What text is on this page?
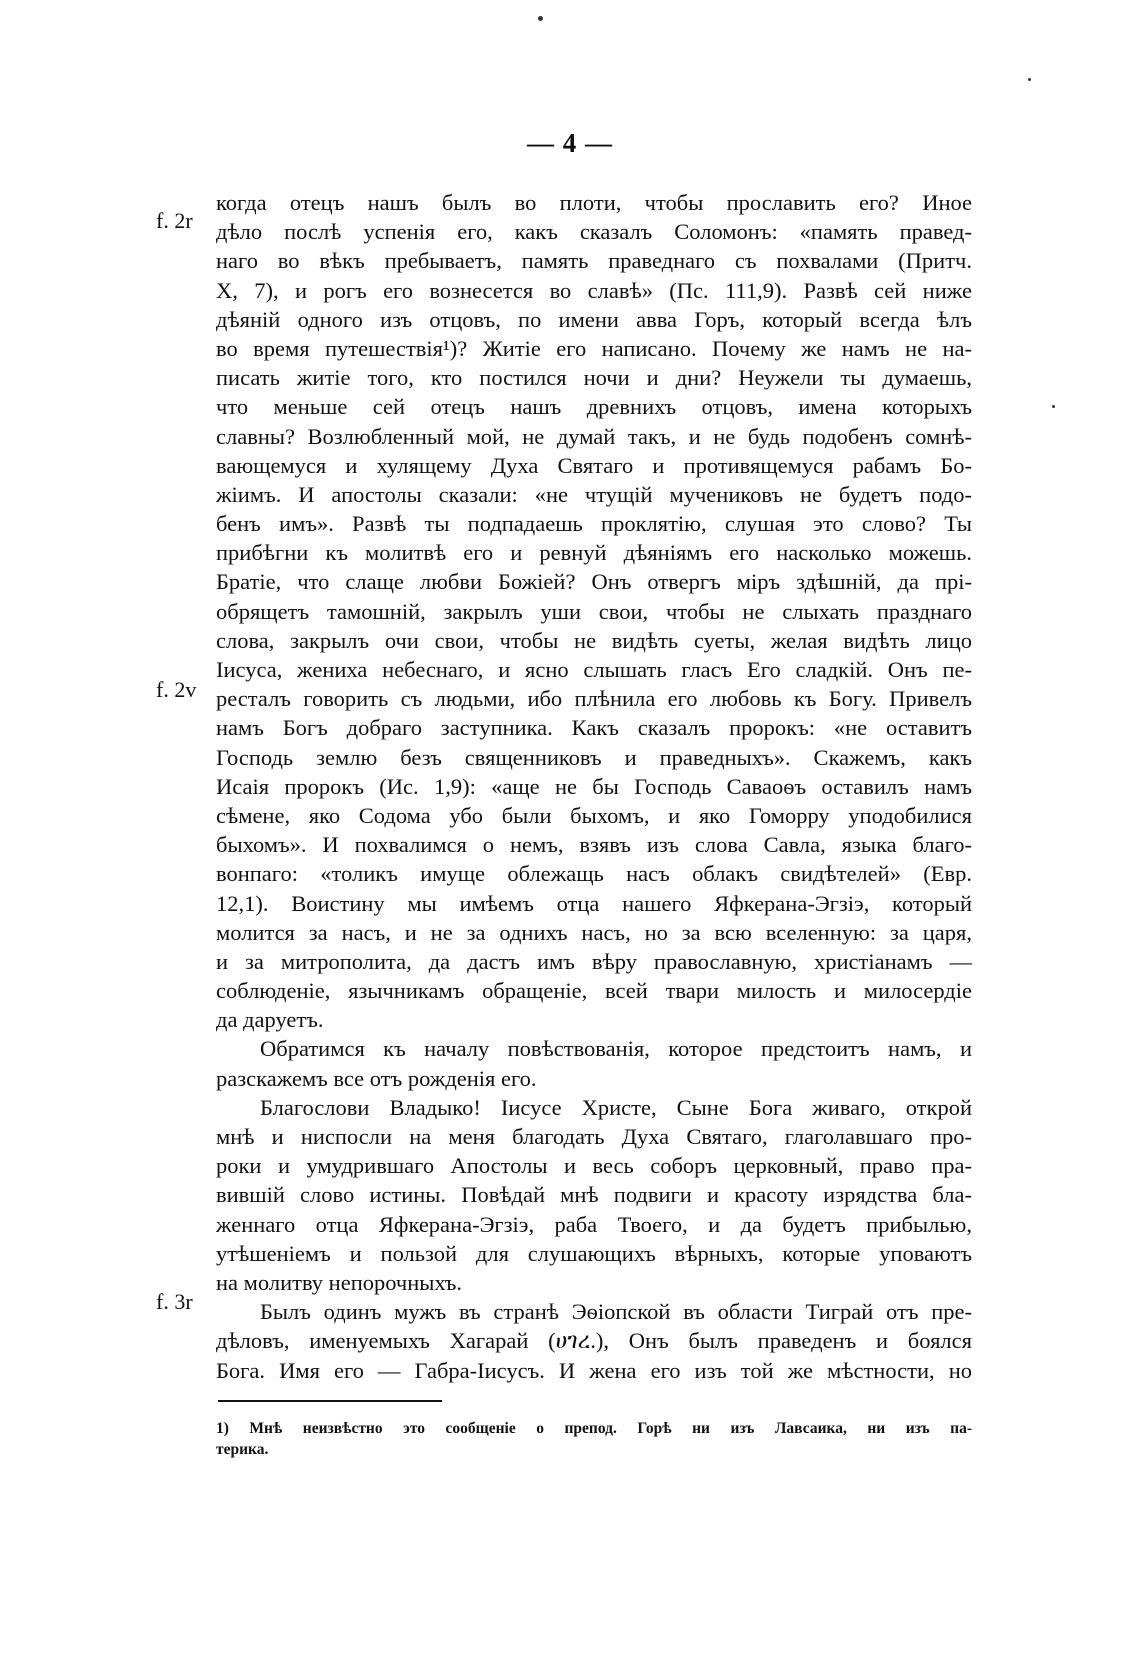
— 4 —
f. 2r
f. 2v
f. 3r
когда отецъ нашъ былъ во плоти, чтобы прославить его? Иное
дѣло послѣ успенія его, какъ сказалъ Соломонъ: «память правед-
наго во вѣкъ пребываетъ, память праведнаго съ похвалами (Притч.
X, 7), и рогъ его вознесется во славѣ» (Пс. 111,9). Развѣ сей ниже
дѣяній одного изъ отцовъ, по имени авва Горъ, который всегда ѣлъ
во время путешествія¹)? Житіе его написано. Почему же намъ не на-
писать житіе того, кто постился ночи и дни? Неужели ты думаешь,
что меньше сей отецъ нашъ древнихъ отцовъ, имена которыхъ
славны? Возлюбленный мой, не думай такъ, и не будь подобенъ сомнѣ-
вающемуся и хулящему Духа Святаго и противящемуся рабамъ Бо-
жіимъ. И апостолы сказали: «не чтущій мучениковъ не будетъ подо-
бенъ имъ». Развѣ ты подпадаешь проклятію, слушая это слово? Ты
прибѣгни къ молитвѣ его и ревнуй дѣяніямъ его насколько можешь.
Братіе, что слаще любви Божіей? Онъ отвергъ міръ здѣшній, да прі-
обрящетъ тамошній, закрылъ уши свои, чтобы не слыхать празднаго
слова, закрылъ очи свои, чтобы не видѣть суеты, желая видѣть лицо
Іисуса, жениха небеснаго, и ясно слышать гласъ Его сладкій. Онъ пе-
ресталъ говорить съ людьми, ибо плѣнила его любовь къ Богу. Привелъ
намъ Богъ добраго заступника. Какъ сказалъ пророкъ: «не оставитъ
Господь землю безъ священниковъ и праведныхъ». Скажемъ, какъ
Исаія пророкъ (Ис. 1,9): «аще не бы Господь Саваоѳъ оставилъ намъ
сѣмене, яко Содома убо были быхомъ, и яко Гоморру уподобилися
быхомъ». И похвалимся о немъ, взявъ изъ слова Савла, языка благо-
вонпаго: «толикъ имуще облежащь насъ облакъ свидѣтелей» (Евр.
12,1). Воистину мы имѣемъ отца нашего Яфкерана-Эгзіэ, который
молится за насъ, и не за однихъ насъ, но за всю вселенную: за царя,
и за митрополита, да дастъ имъ вѣру православную, христіанамъ —
соблюденіе, язычникамъ обращеніе, всей твари милость и милосердіе
да даруетъ.
Обратимся къ началу повѣствованія, которое предстоитъ намъ, и
разскажемъ все отъ рожденія его.
Благослови Владыко! Іисусе Христе, Сыне Бога живаго, открой
мнѣ и ниспосли на меня благодать Духа Святаго, глаголавшаго про-
роки и умудрившаго Апостолы и весь соборъ церковный, право пра-
вившій слово истины. Повѣдай мнѣ подвиги и красоту изрядства бла-
женнаго отца Яфкерана-Эгзіэ, раба Твоего, и да будетъ прибылью,
утѣшеніемъ и пользой для слушающихъ вѣрныхъ, которые уповаютъ
на молитву непорочныхъ.
Былъ одинъ мужъ въ странѣ Эѳіопской въ области Тигрaй отъ пре-
дѣловъ, именуемыхъ Хагарай (ሀገረ.), Онъ былъ праведенъ и боялся
Бога. Имя его — Габра-Іисусъ. И жена его изъ той же мѣстности, но
1) Мнѣ неизвѣстно это сообщеніе о препод. Горѣ ни изъ Лавсаика, ни изъ па-
терика.
